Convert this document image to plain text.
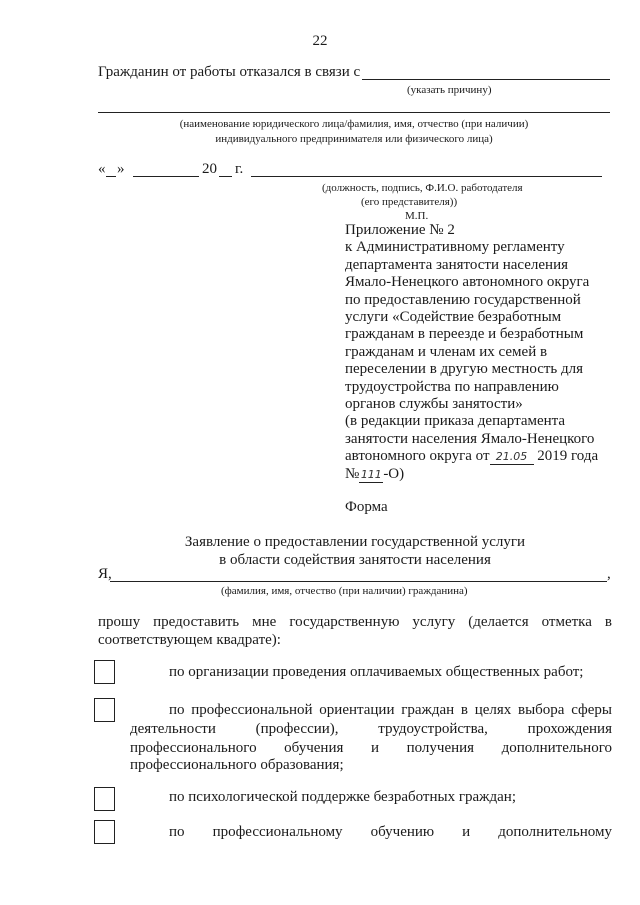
22
Гражданин от работы отказался в связи с
(указать причину)
(наименование юридического лица/фамилия, имя, отчество (при наличии)
индивидуального предпринимателя или физического лица)
« »	20 г.
(должность, подпись, Ф.И.О. работодателя
(его представителя))
М.П.
Приложение № 2
к Административному регламенту
департамента занятости населения
Ямало-Ненецкого автономного округа
по предоставлению государственной
услуги «Содействие безработным
гражданам в переезде и безработным
гражданам и членам их семей в
переселении в другую местность для
трудоустройства по направлению
органов службы занятости»
(в редакции приказа департамента
занятости населения Ямало-Ненецкого
автономного округа от 21.05 2019 года
№ 111 -О)
Форма
Заявление о предоставлении государственной услуги
в области содействия занятости населения
Я,	,
(фамилия, имя, отчество (при наличии) гражданина)
прошу предоставить мне государственную услугу (делается отметка в
соответствующем квадрате):
по организации проведения оплачиваемых общественных работ;
по профессиональной ориентации граждан в целях выбора сферы
деятельности (профессии), трудоустройства, прохождения
профессионального обучения и получения дополнительного
профессионального образования;
по психологической поддержке безработных граждан;
по профессиональному обучению и дополнительному
